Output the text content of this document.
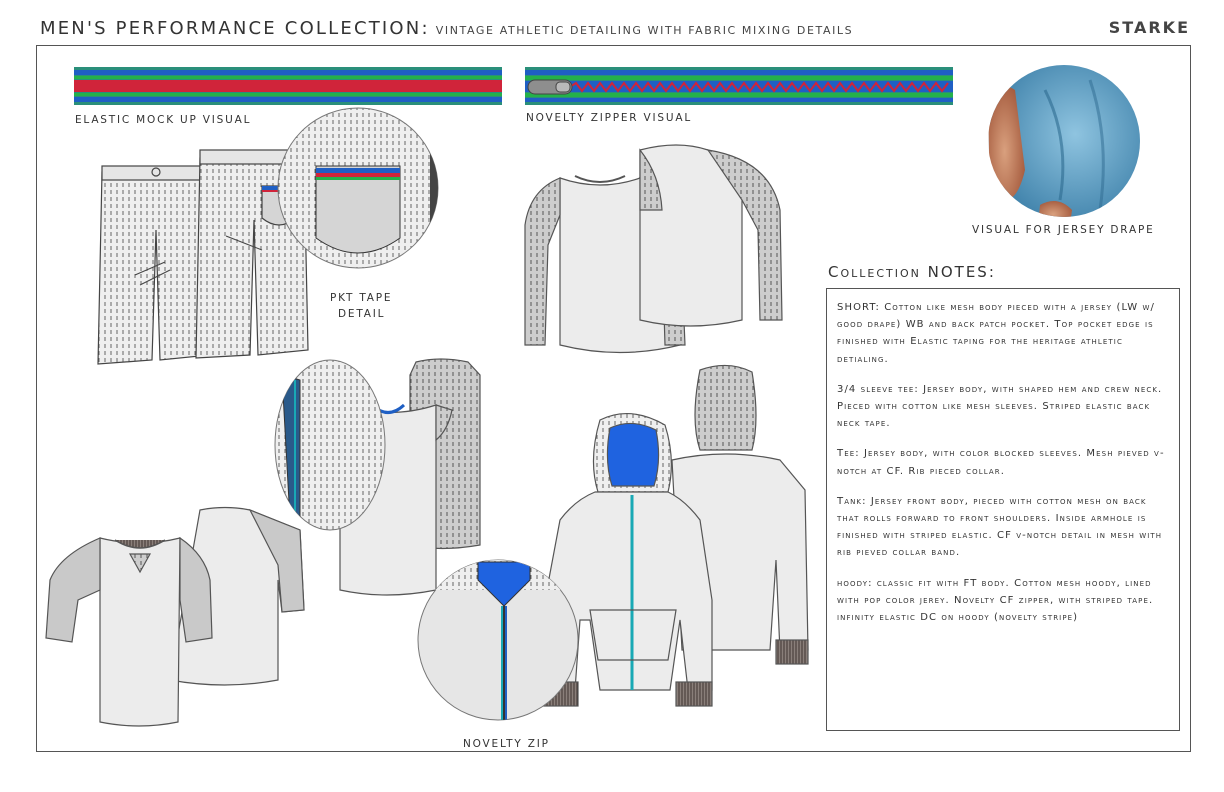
MEN'S PERFORMANCE COLLECTION: VINTAGE ATHLETIC DETAILING WITH FABRIC MIXING DETAILS	STARKE
ELASTIC MOCK UP VISUAL	NOVELTY ZIPPER VISUAL
VISUAL FOR JERSEY DRAPE
PKT TAPE
DETAIL
NOVELTY ZIP
Collection NOTES:

SHORT: Cotton like mesh body pieced with a jersey (LW w/ good drape) WB and back patch pocket. Top pocket edge is finished with Elastic taping for the heritage athletic detialing.

3/4 sleeve tee: Jersey body, with shaped hem and crew neck. Pieced with cotton like mesh sleeves. Striped elastic back neck tape.

Tee: Jersey body, with color blocked sleeves. Mesh pieved v-notch at CF. Rib pieced collar.

Tank: Jersey front body, pieced with cotton mesh on back that rolls forward to front shoulders. Inside armhole is finished with striped elastic. CF v-notch detail in mesh with rib pieved collar band.

hoody: classic fit with FT body. Cotton mesh hoody, lined with pop color jerey. Novelty CF zipper, with striped tape. infinity elastic DC on hoody (novelty stripe)
